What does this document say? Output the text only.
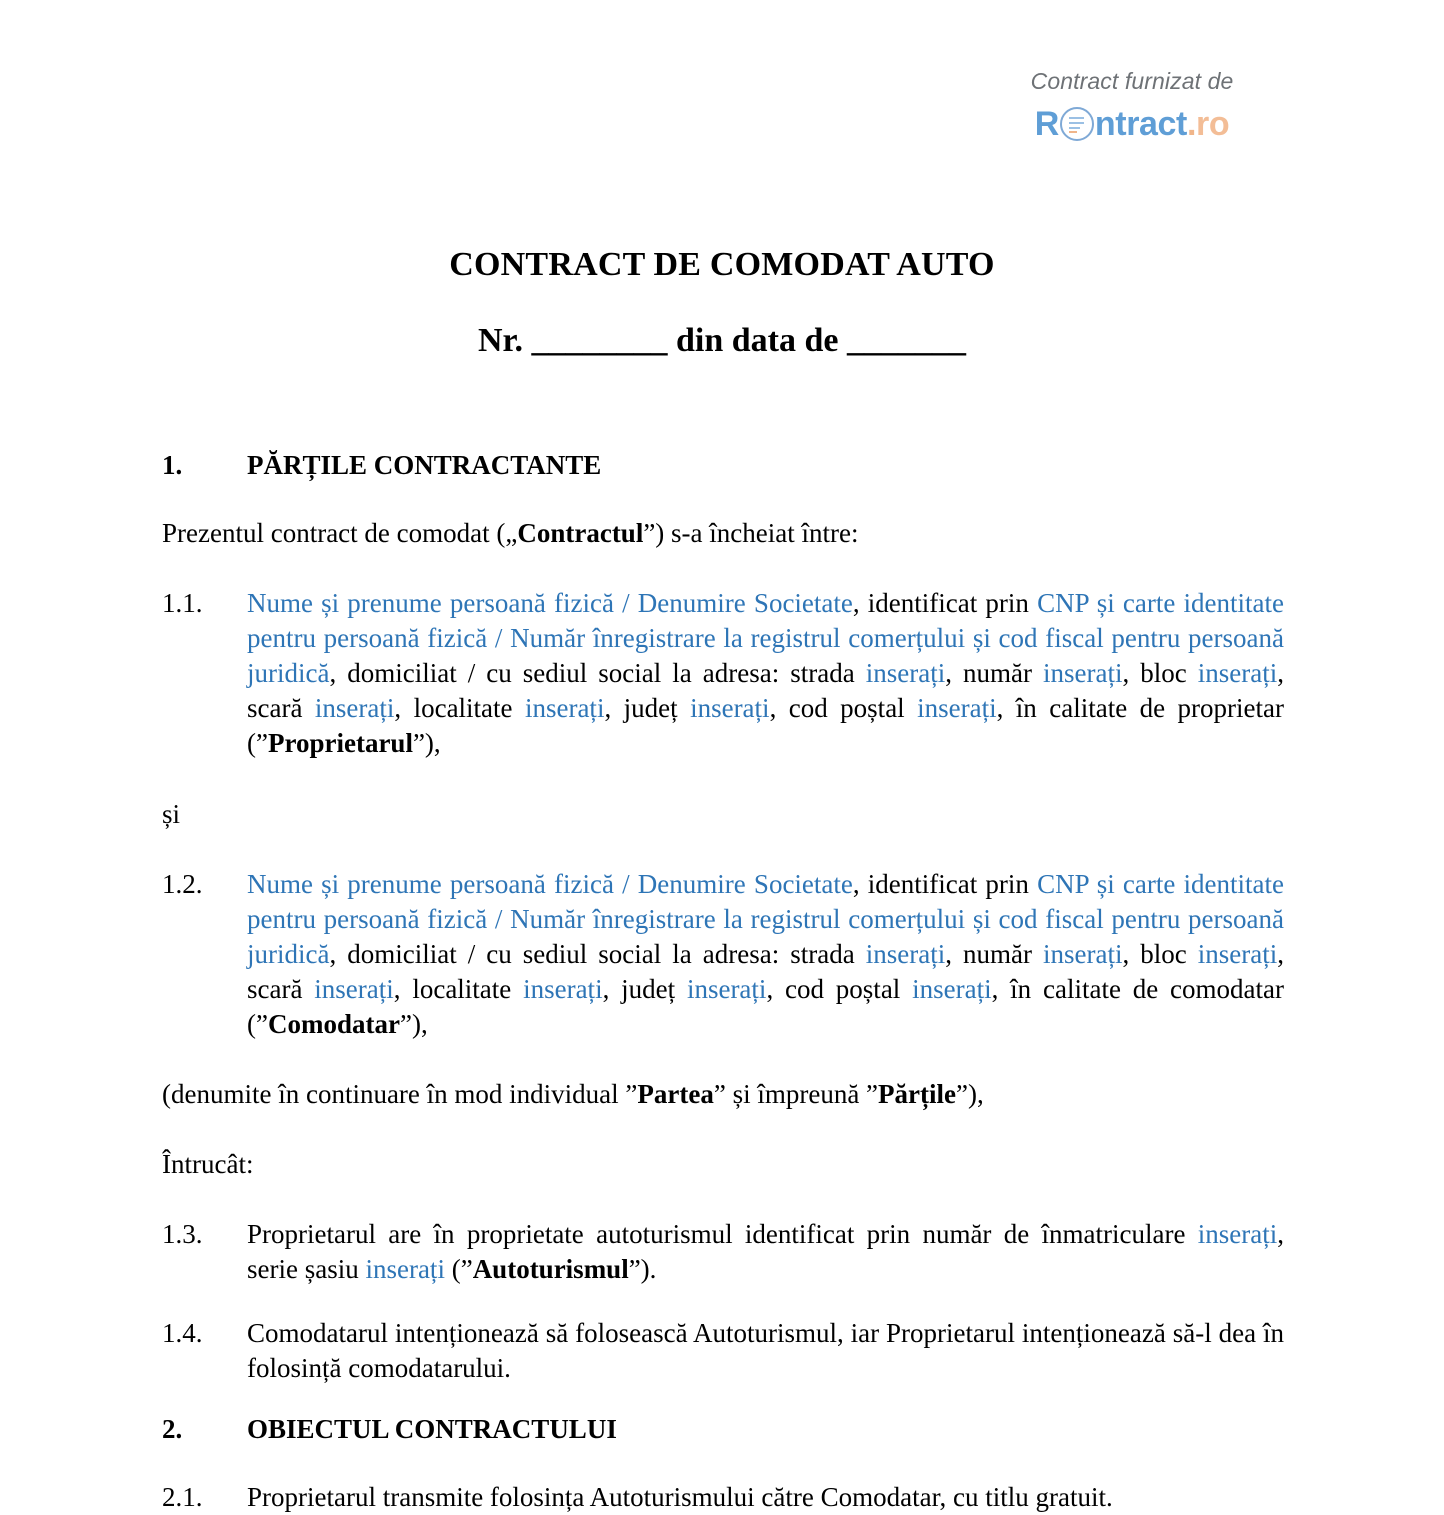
Contract furnizat de
R ntract . ro
CONTRACT DE COMODAT AUTO
Nr. ________ din data de _______
1.	PĂRȚILE CONTRACTANTE

Prezentul contract de comodat („Contractul”) s-a încheiat între:

1.1.	Nume și prenume persoană fizică / Denumire Societate, identificat prin CNP și carte identitate pentru persoană fizică / Număr înregistrare la registrul comerțului și cod fiscal pentru persoană juridică, domiciliat / cu sediul social la adresa: strada inserați, număr inserați, bloc inserați, scară inserați, localitate inserați, județ inserați, cod poștal inserați, în calitate de proprietar (”Proprietarul”),

și

1.2.	Nume și prenume persoană fizică / Denumire Societate, identificat prin CNP și carte identitate pentru persoană fizică / Număr înregistrare la registrul comerțului și cod fiscal pentru persoană juridică, domiciliat / cu sediul social la adresa: strada inserați, număr inserați, bloc inserați, scară inserați, localitate inserați, județ inserați, cod poștal inserați, în calitate de comodatar (”Comodatar”),

(denumite în continuare în mod individual ”Partea” și împreună ”Părțile”),

Întrucât:

1.3.	Proprietarul are în proprietate autoturismul identificat prin număr de înmatriculare inserați, serie șasiu inserați (”Autoturismul”).

1.4.	Comodatarul intenționează să folosească Autoturismul, iar Proprietarul intenționează să-l dea în folosință comodatarului.

2.	OBIECTUL CONTRACTULUI

2.1.	Proprietarul transmite folosința Autoturismului către Comodatar, cu titlu gratuit.
